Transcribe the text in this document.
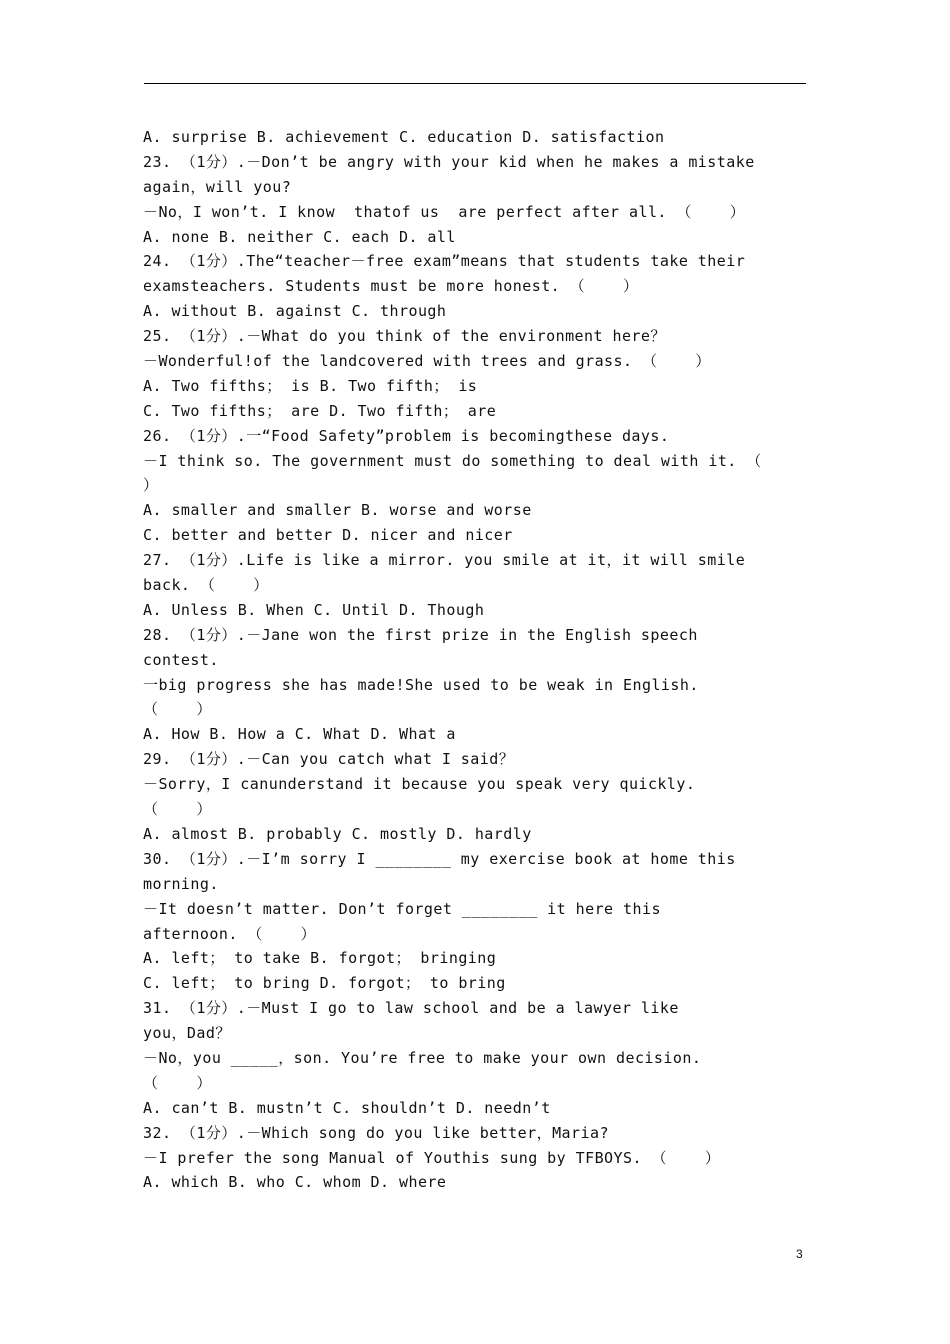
A. surprise B. achievement C. education D. satisfaction
23. （1分）.－Don’t be angry with your kid when he makes a mistake
again，will you?
－No，I won’t. I know  thatof us  are perfect after all. （    ）
A. none B. neither C. each D. all
24. （1分）.The“teacher－free exam”means that students take their
examsteachers. Students must be more honest. （    ）
A. without B. against C. through
25. （1分）.－What do you think of the environment here？
－Wonderful!of the landcovered with trees and grass. （    ）
A. Two fifths； is B. Two fifth； is
C. Two fifths； are D. Two fifth； are
26. （1分）.一“Food Safety”problem is becomingthese days.
－I think so. The government must do something to deal with it. （
）
A. smaller and smaller B. worse and worse
C. better and better D. nicer and nicer
27. （1分）.Life is like a mirror. you smile at it，it will smile
back. （    ）
A. Unless B. When C. Until D. Though
28. （1分）.－Jane won the first prize in the English speech
contest.
一big progress she has made!She used to be weak in English.
（    ）
A. How B. How a C. What D. What a
29. （1分）.－Can you catch what I said？
－Sorry，I canunderstand it because you speak very quickly.
（    ）
A. almost B. probably C. mostly D. hardly
30. （1分）.－I’m sorry I ________ my exercise book at home this
morning.
－It doesn’t matter. Don’t forget ________ it here this
afternoon. （    ）
A. left； to take B. forgot； bringing
C. left； to bring D. forgot； to bring
31. （1分）.－Must I go to law school and be a lawyer like
you，Dad？
－No，you _____，son. You’re free to make your own decision.
（    ）
A. can’t B. mustn’t C. shouldn’t D. needn’t
32. （1分）.－Which song do you like better，Maria?
－I prefer the song Manual of Youthis sung by TFBOYS. （    ）
A. which B. who C. whom D. where
3
